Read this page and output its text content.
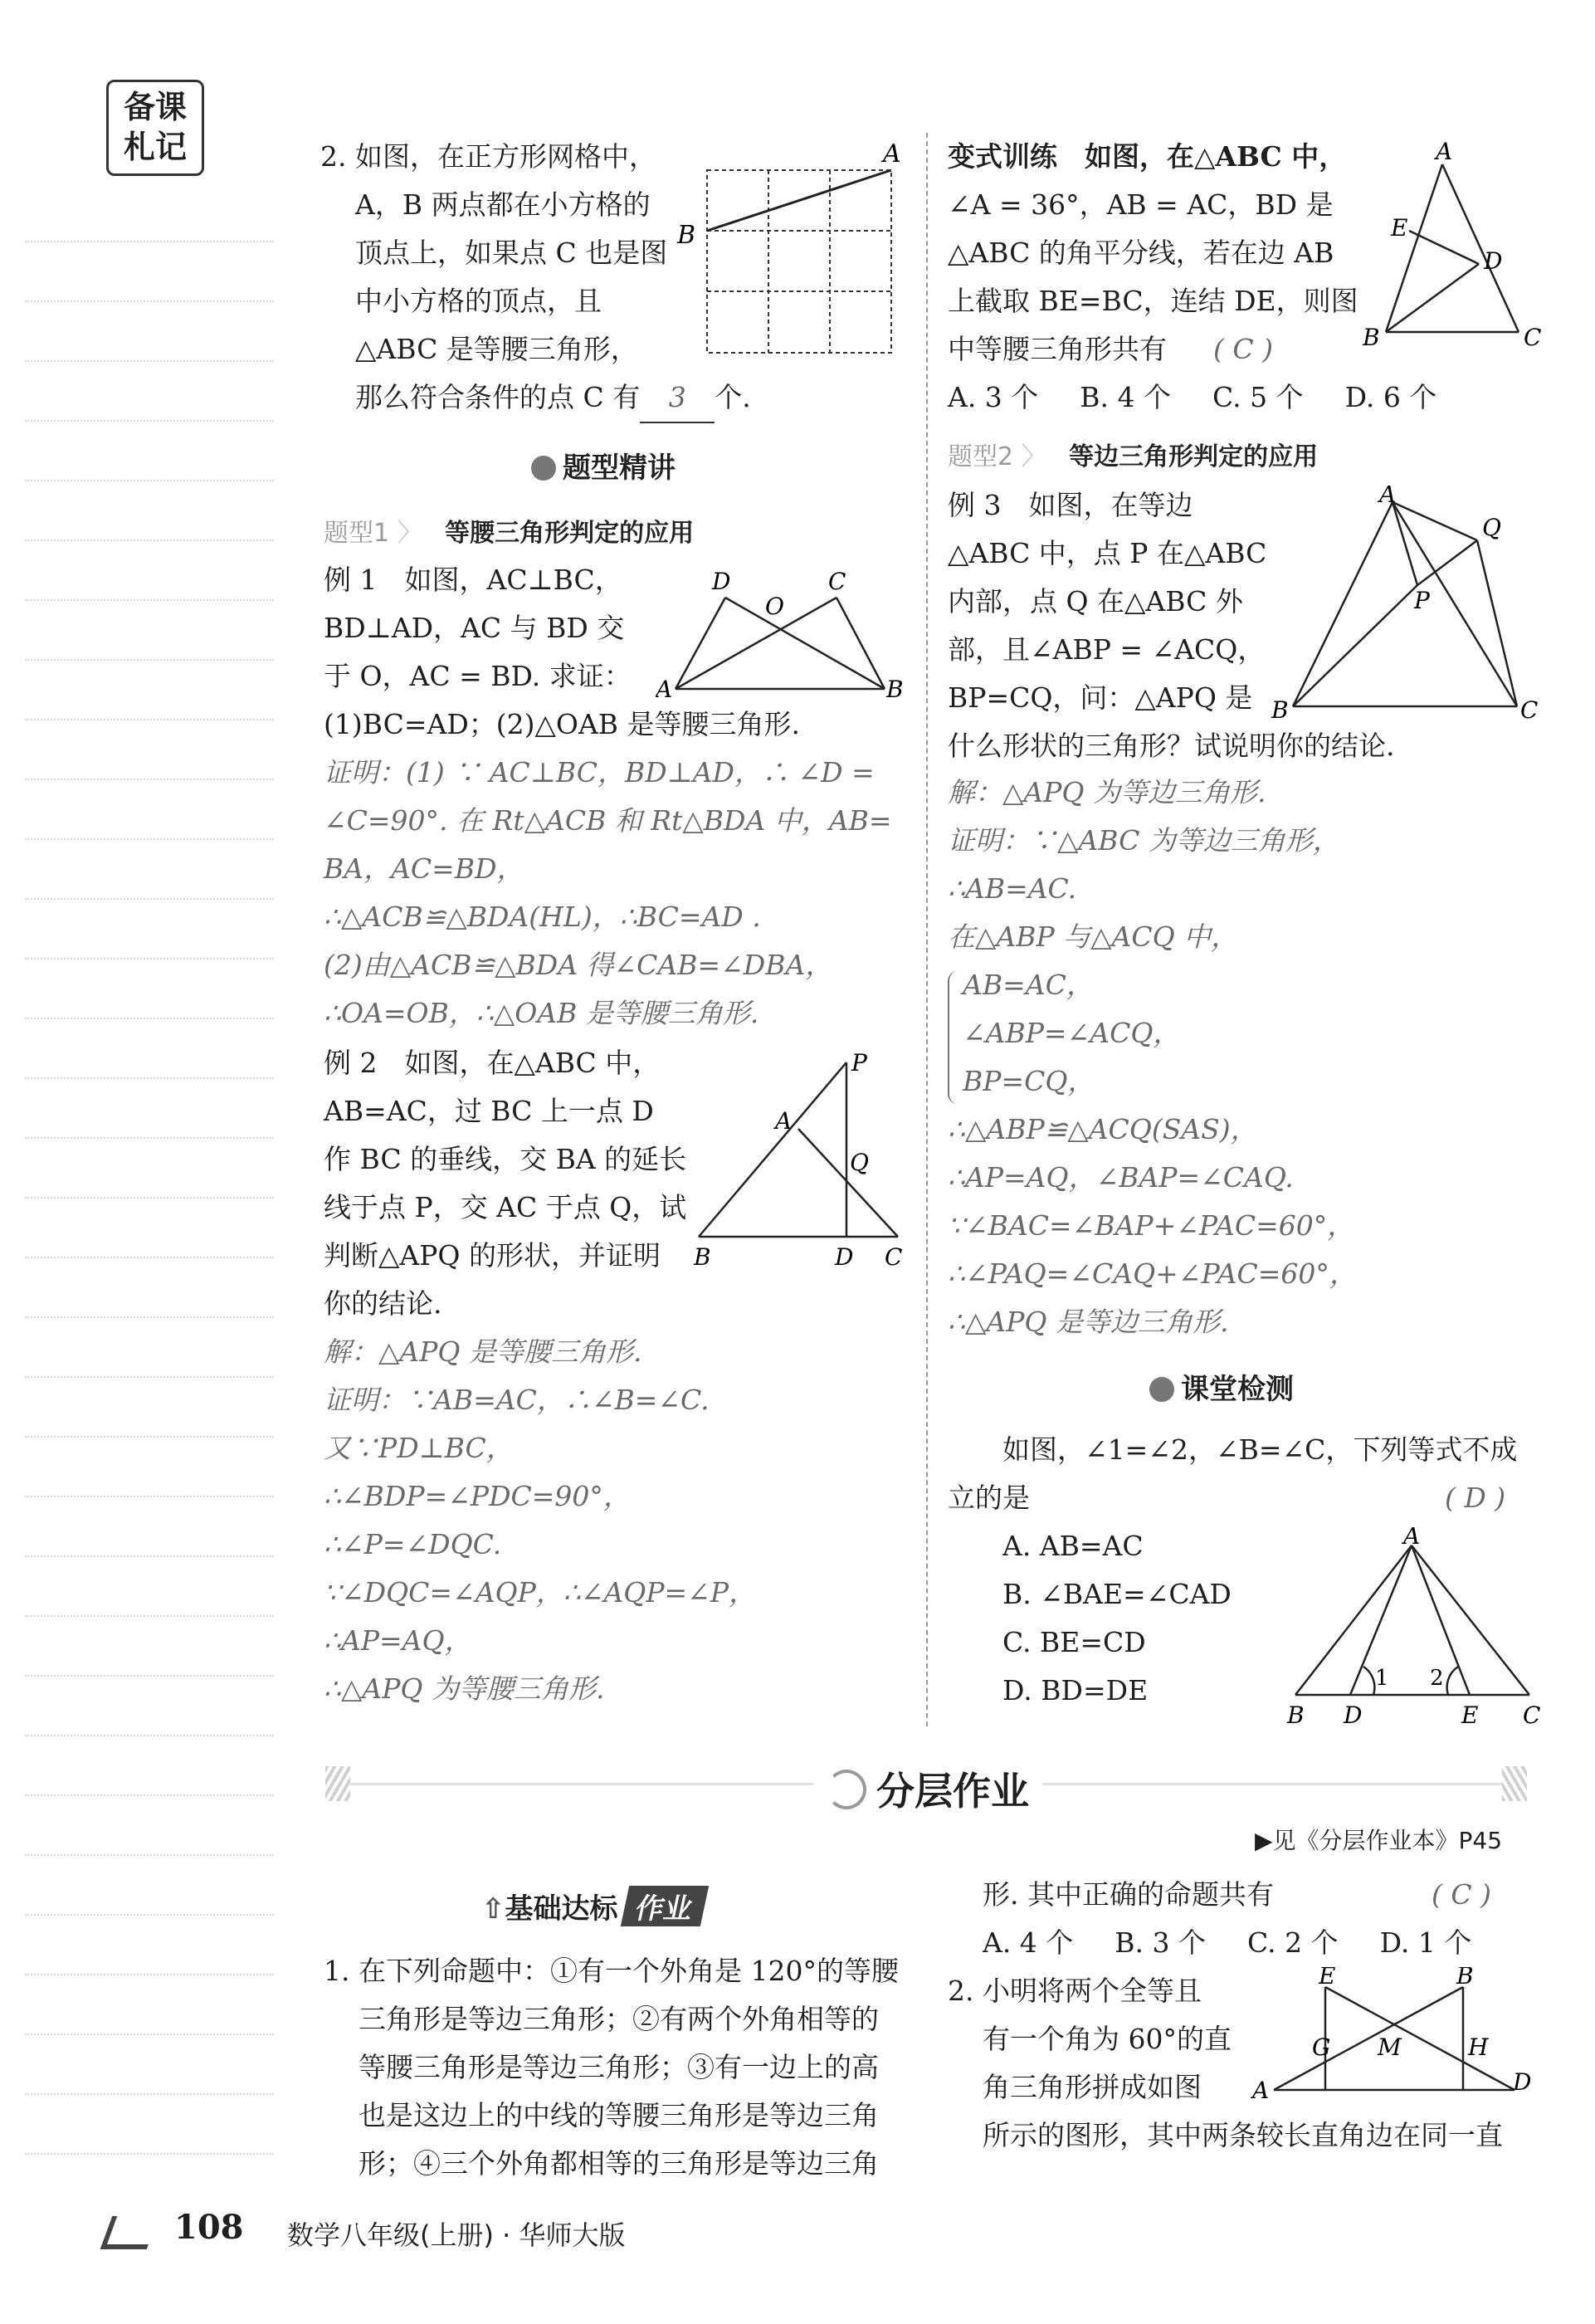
备课札记	2. 如图，在正方形网格中，
A，B 两点都在小方格的
顶点上，如果点 C 也是图
中小方格的顶点，且
△ABC 是等腰三角形，
那么符合条件的点 C 有 3 个.
A
B
题型精讲
题型1 〉 等腰三角形判定的应用
例 1　如图，AC⊥BC，
BD⊥AD，AC 与 BD 交
于 O，AC = BD. 求证：
(1)BC=AD；(2)△OAB 是等腰三角形.
D
O
C
A	B
证明：(1) ∵ AC⊥BC，BD⊥AD，∴ ∠D =
∠C=90°. 在 Rt△ACB 和 Rt△BDA 中，AB=
BA，AC=BD，
∴△ACB≌△BDA(HL)，∴BC=AD .
(2)由△ACB≌△BDA 得∠CAB=∠DBA，
∴OA=OB，∴△OAB 是等腰三角形.
例 2　如图，在△ABC 中，
AB=AC，过 BC 上一点 D
作 BC 的垂线，交 BA 的延长
线于点 P，交 AC 于点 Q，试
判断△APQ 的形状，并证明
你的结论.
P
A
Q
B	D C
解：△APQ 是等腰三角形.
证明：∵AB=AC，∴∠B=∠C.
又∵PD⊥BC，
∴∠BDP=∠PDC=90°，
∴∠P=∠DQC.
∵∠DQC=∠AQP，∴∠AQP=∠P，
∴AP=AQ，
∴△APQ 为等腰三角形.
变式训练　如图，在△ABC 中，
∠A = 36°，AB = AC，BD 是
△ABC 的角平分线，若在边 AB
上截取 BE=BC，连结 DE，则图
中等腰三角形共有 ( C )
A. 3 个 B. 4 个 C. 5 个 D. 6 个
A
E
D
B	C
题型2 〉 等边三角形判定的应用
例 3　如图，在等边
△ABC 中，点 P 在△ABC
内部，点 Q 在△ABC 外
部，且∠ABP = ∠ACQ，
BP=CQ，问：△APQ 是
什么形状的三角形？试说明你的结论.
A
Q
P
B	C
解：△APQ 为等边三角形.
证明：∵△ABC 为等边三角形，
∴AB=AC.
在△ABP 与△ACQ 中，
AB=AC，
∠ABP=∠ACQ，
BP=CQ，
∴△ABP≌△ACQ(SAS)，
∴AP=AQ，∠BAP=∠CAQ.
∵∠BAC=∠BAP+∠PAC=60°，
∴∠PAQ=∠CAQ+∠PAC=60°，
∴△APQ 是等边三角形.
课堂检测
如图，∠1=∠2，∠B=∠C，下列等式不成
立的是	( D )
A. AB=AC
B. ∠BAE=∠CAD
C. BE=CD
D. BD=DE
A
1 2
B D	E C
分层作业
▶见《分层作业本》P45
⇧基础达标 作业
1. 在下列命题中：①有一个外角是 120°的等腰
三角形是等边三角形；②有两个外角相等的
等腰三角形是等边三角形；③有一边上的高
也是这边上的中线的等腰三角形是等边三角
形；④三个外角都相等的三角形是等边三角
形. 其中正确的命题共有	( C )
A. 4 个 B. 3 个 C. 2 个 D. 1 个
2. 小明将两个全等且
有一个角为 60°的直
角三角形拼成如图
所示的图形，其中两条较长直角边在同一直
E	B
G M	H
A	D
108 数学八年级(上册) · 华师大版
